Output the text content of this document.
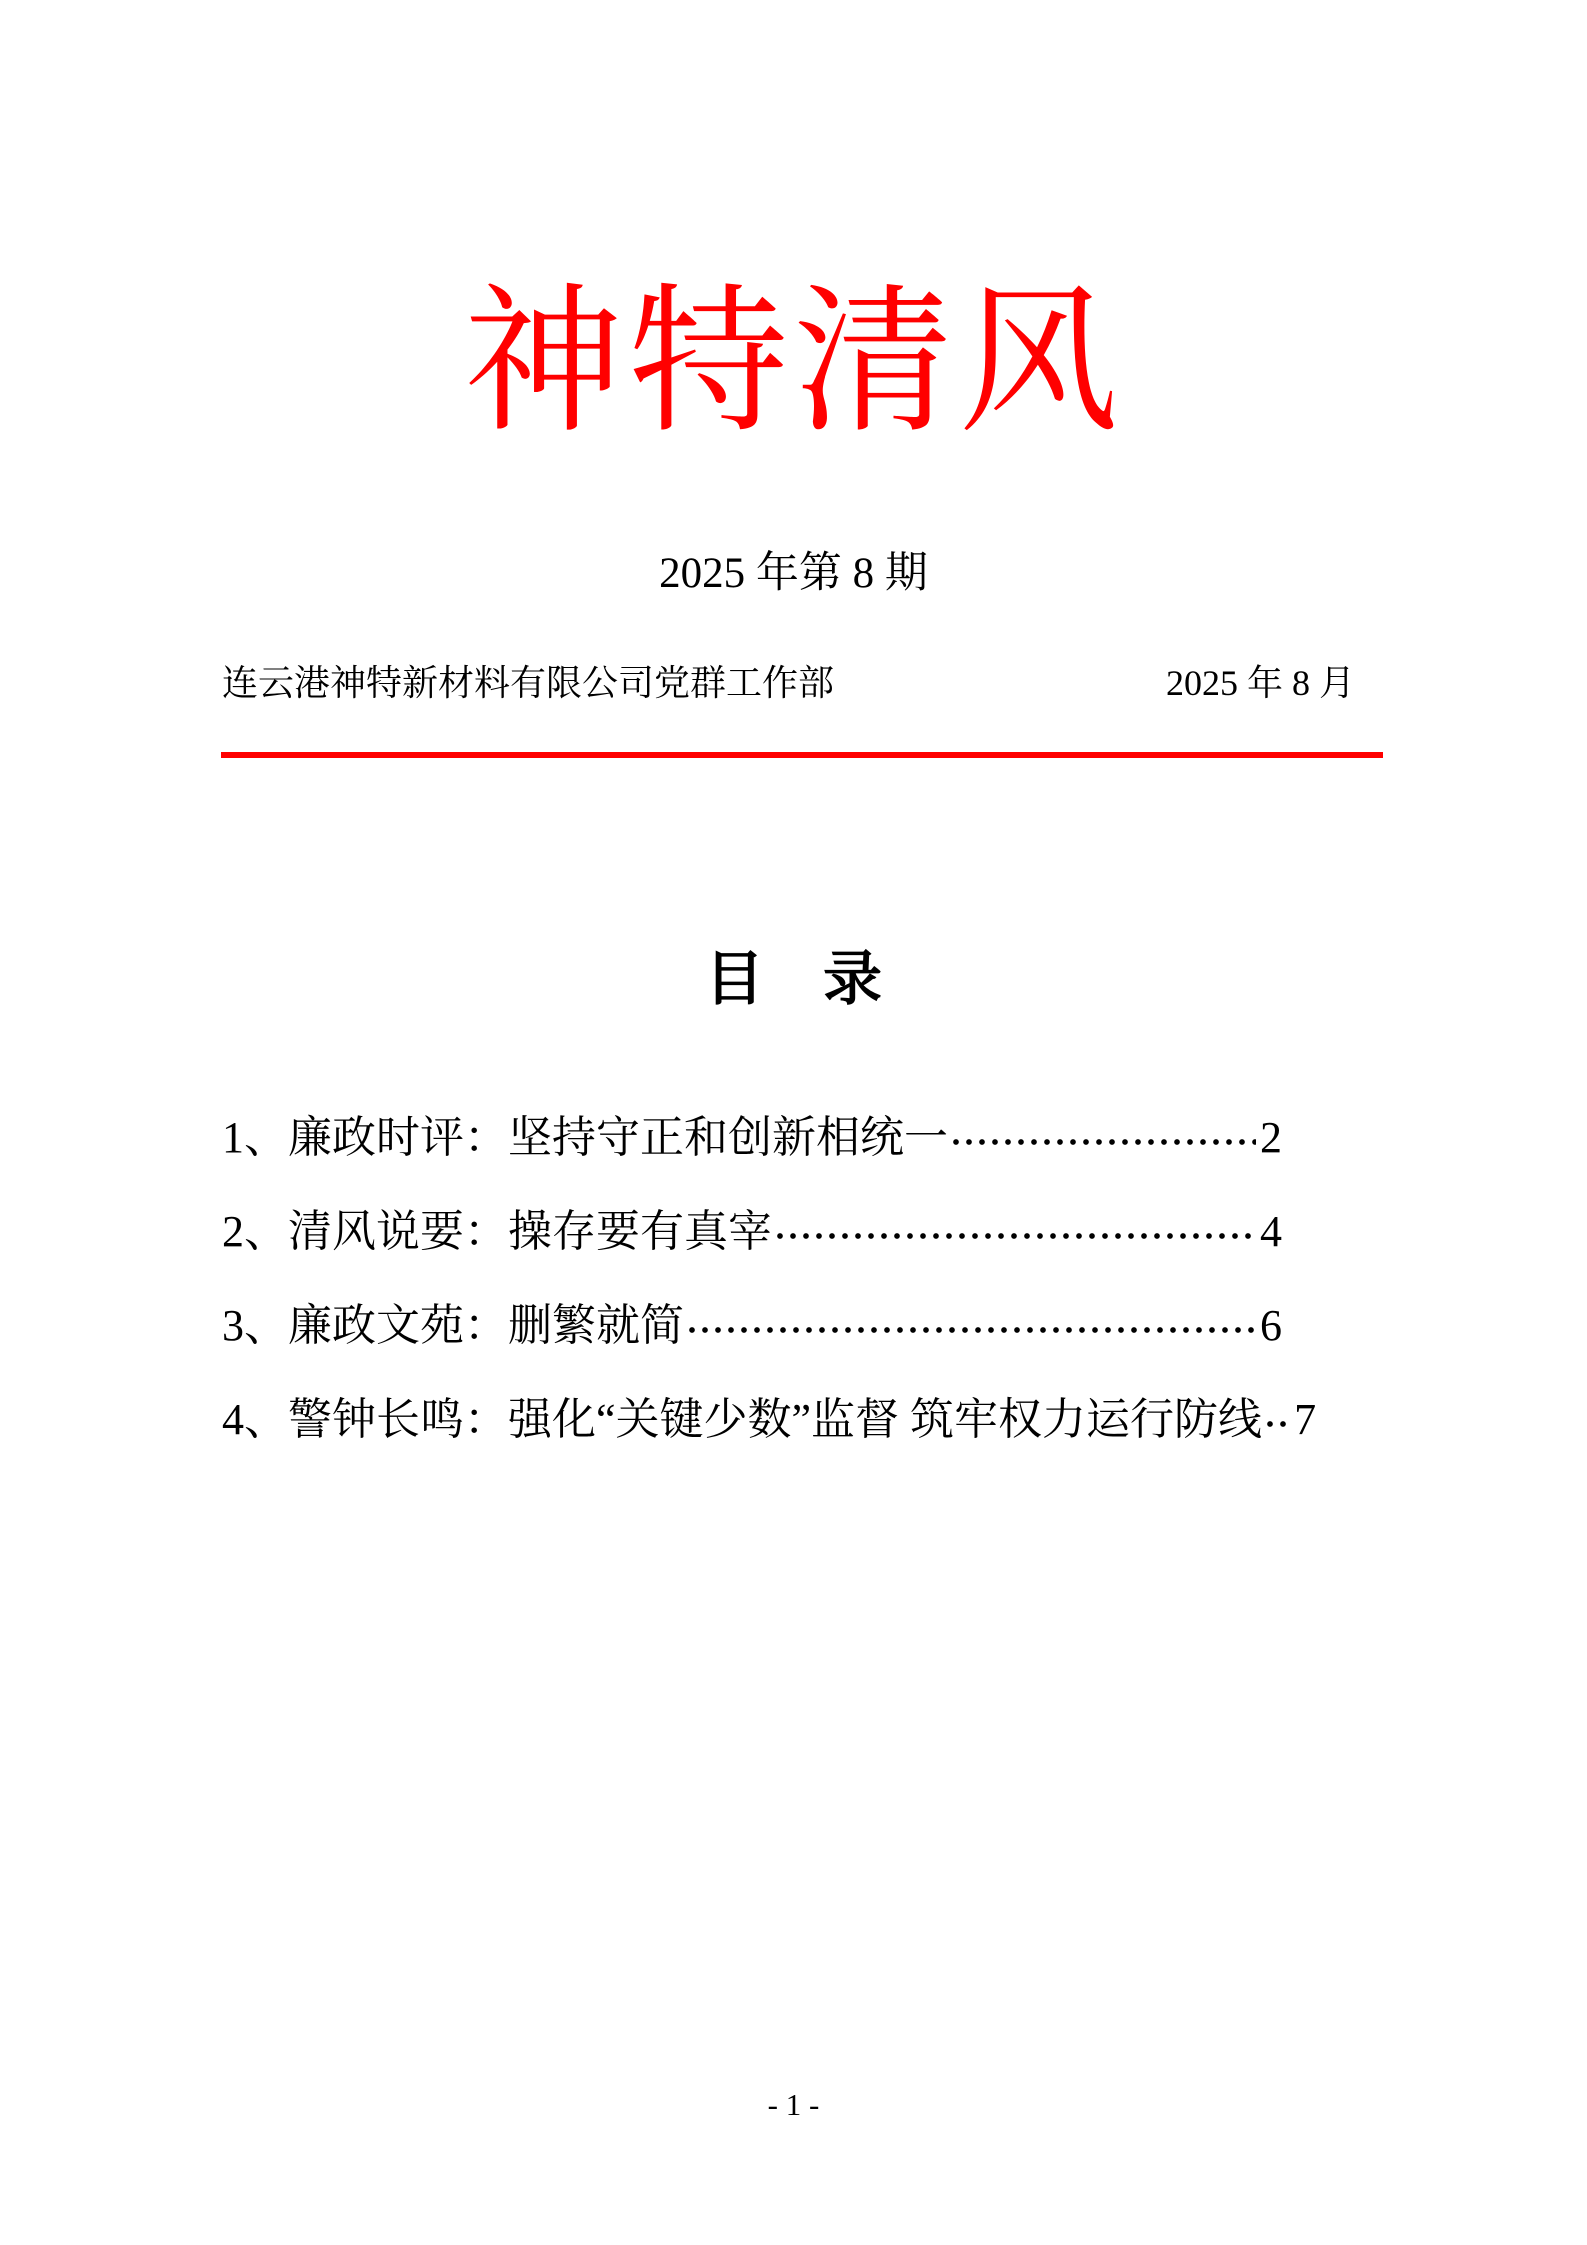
神特清风
2025 年第 8 期
连云港神特新材料有限公司党群工作部	2025 年 8 月
目　录
1、廉政时评：坚持守正和创新相统一	2
2、清风说要：操存要有真宰	4
3、廉政文苑：删繁就简	6
4、警钟长鸣：强化“关键少数”监督 筑牢权力运行防线 7
- 1 -
